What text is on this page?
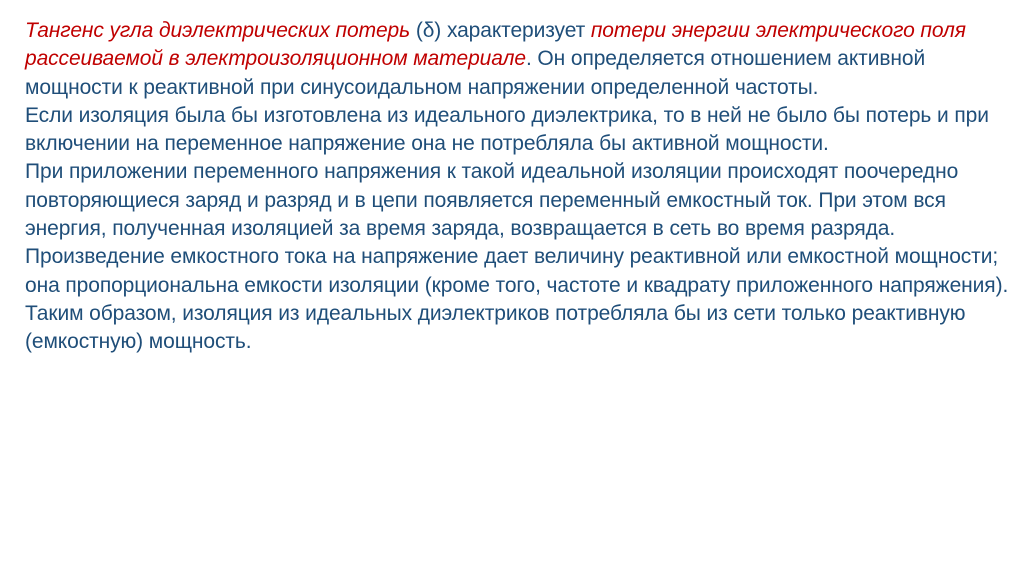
Тангенс угла диэлектрических потерь (δ) характеризует потери энергии электрического поля рассеиваемой в электроизоляционном материале. Он определяется отношением активной мощности к реактивной при синусоидальном напряжении определенной частоты.

Если изоляция была бы изготовлена из идеального диэлектрика, то в ней не было бы потерь и при включении на переменное напряжение она не потребляла бы активной мощности.

При приложении переменного напряжения к такой идеальной изоляции происходят поочередно повторяющиеся заряд и разряд и в цепи появляется переменный емкостный ток. При этом вся энергия, полученная изоляцией за время заряда, возвращается в сеть во время разряда.

Произведение емкостного тока на напряжение дает величину реактивной или емкостной мощности; она пропорциональна емкости изоляции (кроме того, частоте и квадрату приложенного напряжения). Таким образом, изоляция из идеальных диэлектриков потребляла бы из сети только реактивную (емкостную) мощность.
